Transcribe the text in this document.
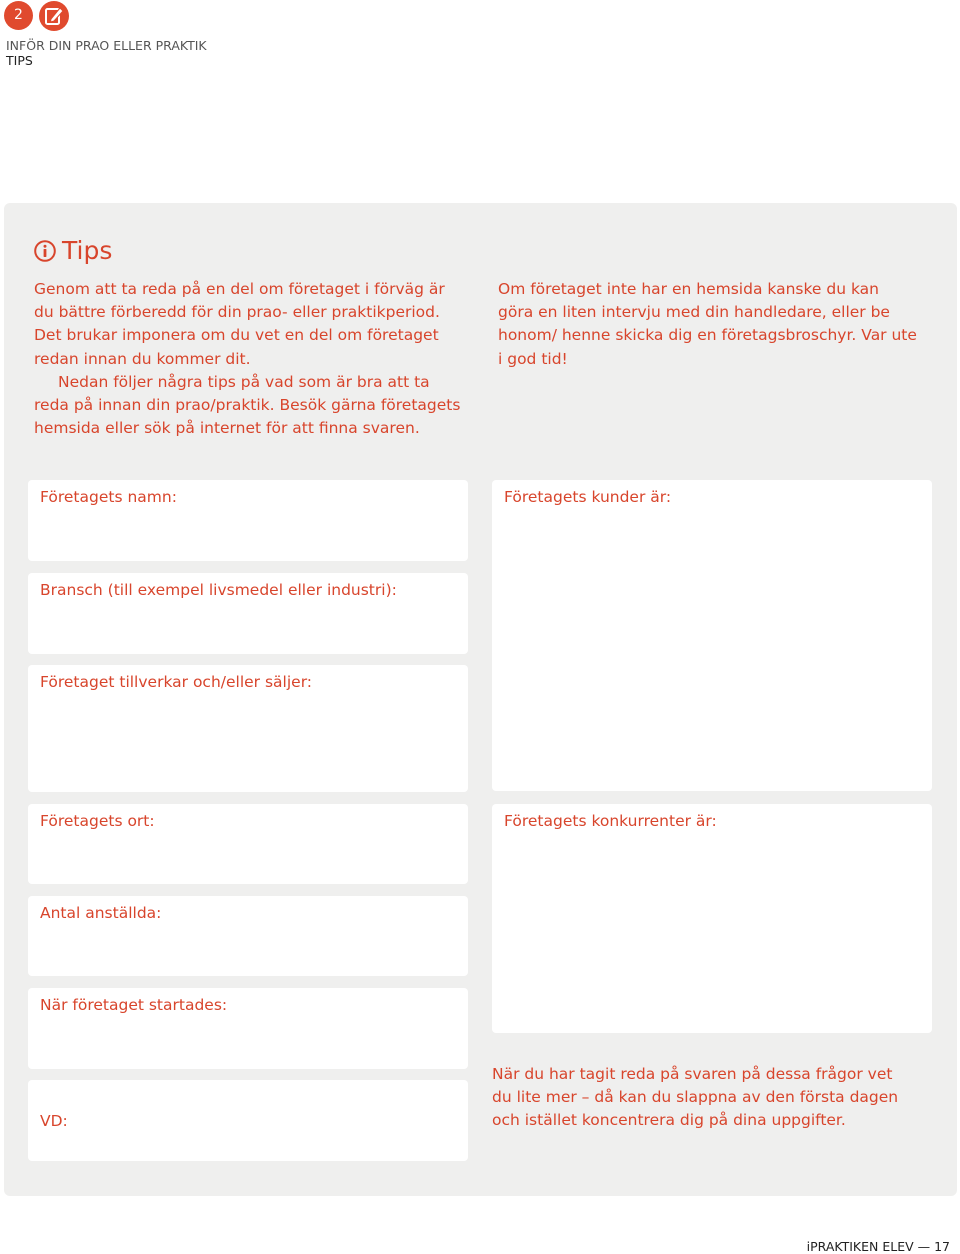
2
INFÖR DIN PRAO ELLER PRAKTIK
TIPS
Tips

Genom att ta reda på en del om företaget i förväg är du bättre förberedd för din prao- eller praktikperiod. Det brukar imponera om du vet en del om företaget redan innan du kommer dit.
Nedan följer några tips på vad som är bra att ta reda på innan din prao/praktik. Besök gärna företagets hemsida eller sök på internet för att finna svaren.

Om företaget inte har en hemsida kanske du kan göra en liten intervju med din handledare, eller be honom/ henne skicka dig en företagsbroschyr. Var ute i god tid!

Företagets namn:
Bransch (till exempel livsmedel eller industri):
Företaget tillverkar och/eller säljer:
Företagets ort:
Antal anställda:
När företaget startades:
VD:
Företagets kunder är:
Företagets konkurrenter är:

När du har tagit reda på svaren på dessa frågor vet du lite mer – då kan du slappna av den första dagen och istället koncentrera dig på dina uppgifter.

iPRAKTIKEN ELEV — 17
